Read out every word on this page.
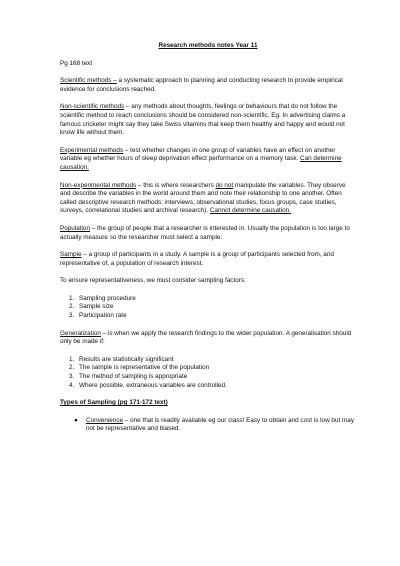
Research methods notes Year 11

Pg 168 text

Scientific methods – a systematic approach to planning and conducting research to provide empirical evidence for conclusions reached.

Non-scientific methods – any methods about thoughts, feelings or behaviours that do not follow the scientific method to reach conclusions should be considered non-scientific. Eg. In advertising claims a famous cricketer might say they take Swiss vitamins that keep them healthy and happy and would not know life without them.

Experimental methods – test whether changes in one group of variables have an effect on another variable eg whether hours of sleep deprivation effect performance on a memory task. Can determine causation.

Non-experimental methods – this is where researchers do not manipulate the variables. They observe and describe the variables in the world around them and note their relationship to one another. Often called descriptive research methods: interviews, observational studies, focus groups, case studies, surveys, correlational studies and archival research). Cannot determine causation.

Population – the group of people that a researcher is interested in. Usually the population is too large to actually measure so the researcher must select a sample:

Sample – a group of participants in a study. A sample is a group of participants selected from, and representative of, a population of research interest.

To ensure representativeness, we must consider sampling factors:

1. Sampling procedure
2. Sample size
3. Participation rate

Generalization – is when we apply the research findings to the wider population. A generalisation should only be made if:

1. Results are statistically significant
2. The sample is representative of the population
3. The method of sampling is appropriate
4. Where possible, extraneous variables are controlled.
Types of Sampling (pg 171-172 text)
● Convenience – one that is readily available eg our class! Easy to obtain and cost is low but may not be representative and biased.
